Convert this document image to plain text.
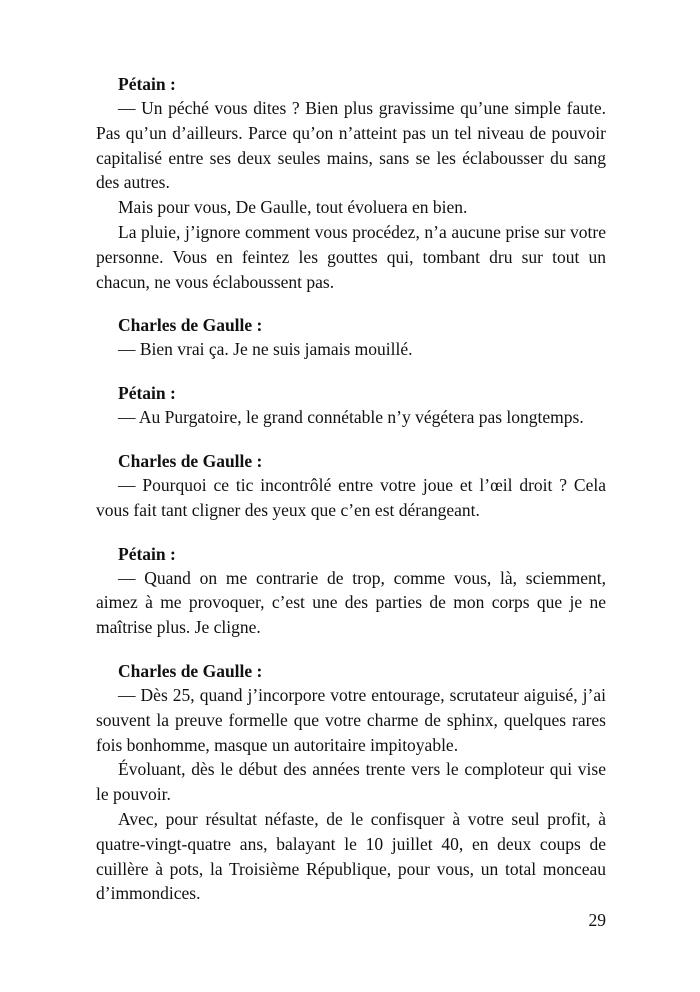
Pétain :

— Un péché vous dites ? Bien plus gravissime qu’une simple faute. Pas qu’un d’ailleurs. Parce qu’on n’atteint pas un tel niveau de pouvoir capitalisé entre ses deux seules mains, sans se les éclabousser du sang des autres.

Mais pour vous, De Gaulle, tout évoluera en bien.

La pluie, j’ignore comment vous procédez, n’a aucune prise sur votre personne. Vous en feintez les gouttes qui, tombant dru sur tout un chacun, ne vous éclaboussent pas.

Charles de Gaulle :

— Bien vrai ça. Je ne suis jamais mouillé.

Pétain :

— Au Purgatoire, le grand connétable n’y végétera pas longtemps.

Charles de Gaulle :

— Pourquoi ce tic incontrôlé entre votre joue et l’œil droit ? Cela vous fait tant cligner des yeux que c’en est dérangeant.

Pétain :

— Quand on me contrarie de trop, comme vous, là, sciemment, aimez à me provoquer, c’est une des parties de mon corps que je ne maîtrise plus. Je cligne.

Charles de Gaulle :

— Dès 25, quand j’incorpore votre entourage, scrutateur aiguisé, j’ai souvent la preuve formelle que votre charme de sphinx, quelques rares fois bonhomme, masque un autoritaire impitoyable.

Évoluant, dès le début des années trente vers le comploteur qui vise le pouvoir.

Avec, pour résultat néfaste, de le confisquer à votre seul profit, à quatre-vingt-quatre ans, balayant le 10 juillet 40, en deux coups de cuillère à pots, la Troisième République, pour vous, un total monceau d’immondices.

29
